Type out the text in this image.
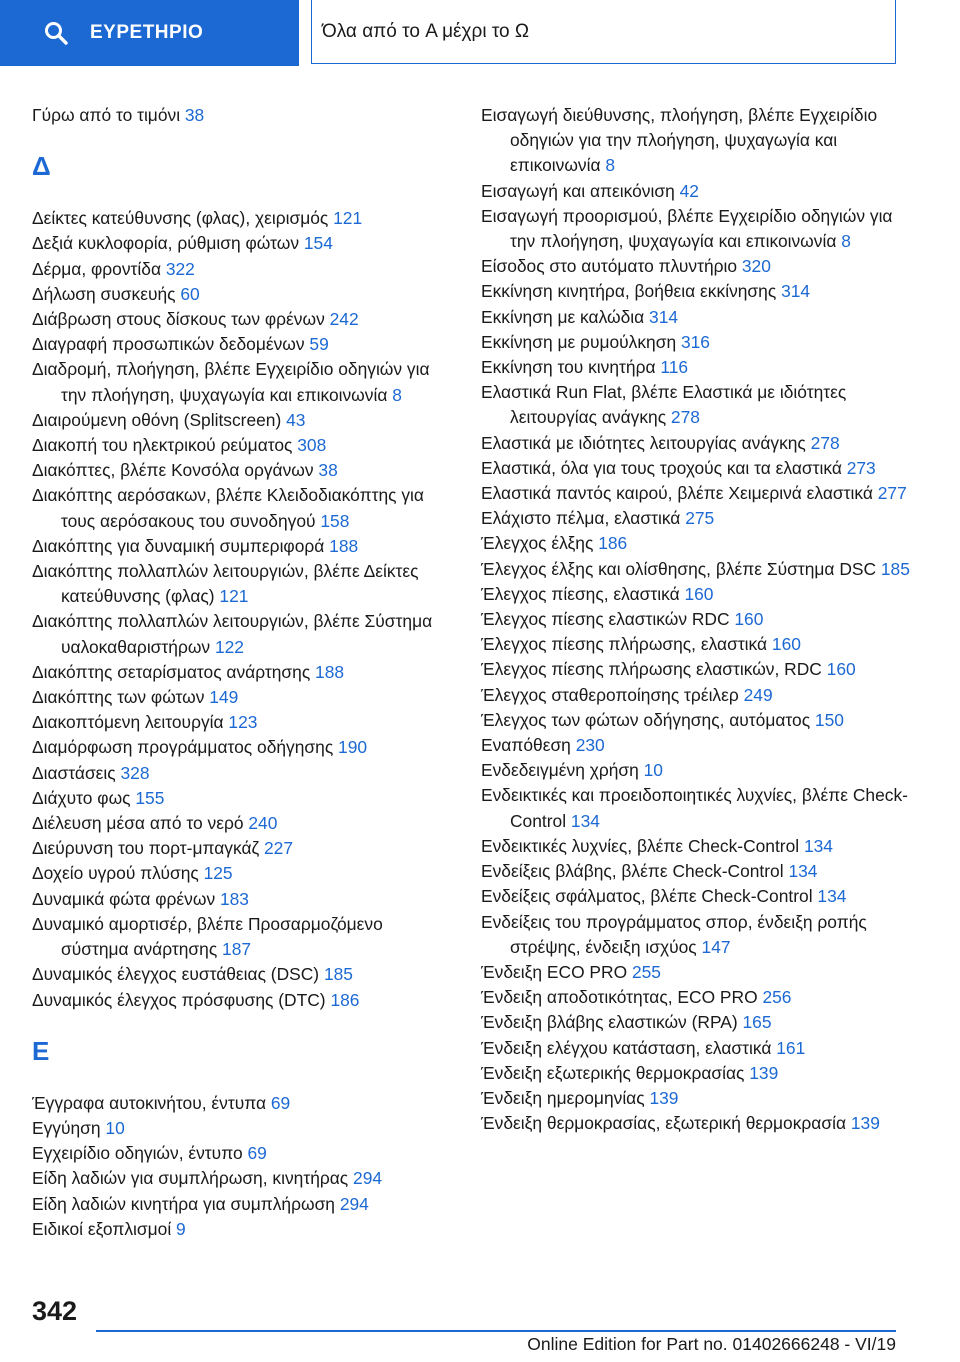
ΕΥΡΕΤΗΡΙΟ	Όλα από το A μέχρι το Ω

Γύρω από το τιμόνι 38

Δ

Δείκτες κατεύθυνσης (φλας), χειρισμός 121

Δεξιά κυκλοφορία, ρύθμιση φώτων 154

Δέρμα, φροντίδα 322

Δήλωση συσκευής 60

Διάβρωση στους δίσκους των φρένων 242

Διαγραφή προσωπικών δεδομένων 59

Διαδρομή, πλοήγηση, βλέπε Εγχειρίδιο οδηγιών για την πλοήγηση, ψυχαγωγία και επικοινωνία 8

Διαιρούμενη οθόνη (Splitscreen) 43

Διακοπή του ηλεκτρικού ρεύματος 308

Διακόπτες, βλέπε Κονσόλα οργάνων 38

Διακόπτης αερόσακων, βλέπε Κλειδοδιακόπτης για τους αερόσακους του συνοδηγού 158

Διακόπτης για δυναμική συμπεριφορά 188

Διακόπτης πολλαπλών λειτουργιών, βλέπε Δείκτες κατεύθυνσης (φλας) 121

Διακόπτης πολλαπλών λειτουργιών, βλέπε Σύστημα υαλοκαθαριστήρων 122

Διακόπτης σεταρίσματος ανάρτησης 188

Διακόπτης των φώτων 149

Διακοπτόμενη λειτουργία 123

Διαμόρφωση προγράμματος οδήγησης 190

Διαστάσεις 328

Διάχυτο φως 155

Διέλευση μέσα από το νερό 240

Διεύρυνση του πορτ-μπαγκάζ 227

Δοχείο υγρού πλύσης 125

Δυναμικά φώτα φρένων 183

Δυναμικό αμορτισέρ, βλέπε Προσαρμοζόμενο σύστημα ανάρτησης 187

Δυναμικός έλεγχος ευστάθειας (DSC) 185

Δυναμικός έλεγχος πρόσφυσης (DTC) 186

Ε

Έγγραφα αυτοκινήτου, έντυπα 69

Εγγύηση 10

Εγχειρίδιο οδηγιών, έντυπο 69

Είδη λαδιών για συμπλήρωση, κινητήρας 294

Είδη λαδιών κινητήρα για συμπλήρωση 294

Ειδικοί εξοπλισμοί 9

Εισαγωγή διεύθυνσης, πλοήγηση, βλέπε Εγχειρίδιο οδηγιών για την πλοήγηση, ψυχαγωγία και επικοινωνία 8

Εισαγωγή και απεικόνιση 42

Εισαγωγή προορισμού, βλέπε Εγχειρίδιο οδηγιών για την πλοήγηση, ψυχαγωγία και επικοινωνία 8

Είσοδος στο αυτόματο πλυντήριο 320

Εκκίνηση κινητήρα, βοήθεια εκκίνησης 314

Εκκίνηση με καλώδια 314

Εκκίνηση με ρυμούλκηση 316

Εκκίνηση του κινητήρα 116

Ελαστικά Run Flat, βλέπε Ελαστικά με ιδιότητες λειτουργίας ανάγκης 278

Ελαστικά με ιδιότητες λειτουργίας ανάγκης 278

Ελαστικά, όλα για τους τροχούς και τα ελαστικά 273

Ελαστικά παντός καιρού, βλέπε Χειμερινά ελαστικά 277

Ελάχιστο πέλμα, ελαστικά 275

Έλεγχος έλξης 186

Έλεγχος έλξης και ολίσθησης, βλέπε Σύστημα DSC 185

Έλεγχος πίεσης, ελαστικά 160

Έλεγχος πίεσης ελαστικών RDC 160

Έλεγχος πίεσης πλήρωσης, ελαστικά 160

Έλεγχος πίεσης πλήρωσης ελαστικών, RDC 160

Έλεγχος σταθεροποίησης τρέιλερ 249

Έλεγχος των φώτων οδήγησης, αυτόματος 150

Εναπόθεση 230

Ενδεδειγμένη χρήση 10

Ενδεικτικές και προειδοποιητικές λυχνίες, βλέπε Check-Control 134

Ενδεικτικές λυχνίες, βλέπε Check-Control 134

Ενδείξεις βλάβης, βλέπε Check-Control 134

Ενδείξεις σφάλματος, βλέπε Check-Control 134

Ενδείξεις του προγράμματος σπορ, ένδειξη ροπής στρέψης, ένδειξη ισχύος 147

Ένδειξη ECO PRO 255

Ένδειξη αποδοτικότητας, ECO PRO 256

Ένδειξη βλάβης ελαστικών (RPA) 165

Ένδειξη ελέγχου κατάσταση, ελαστικά 161

Ένδειξη εξωτερικής θερμοκρασίας 139

Ένδειξη ημερομηνίας 139

Ένδειξη θερμοκρασίας, εξωτερική θερμοκρασία 139

342
Online Edition for Part no. 01402666248 - VI/19
